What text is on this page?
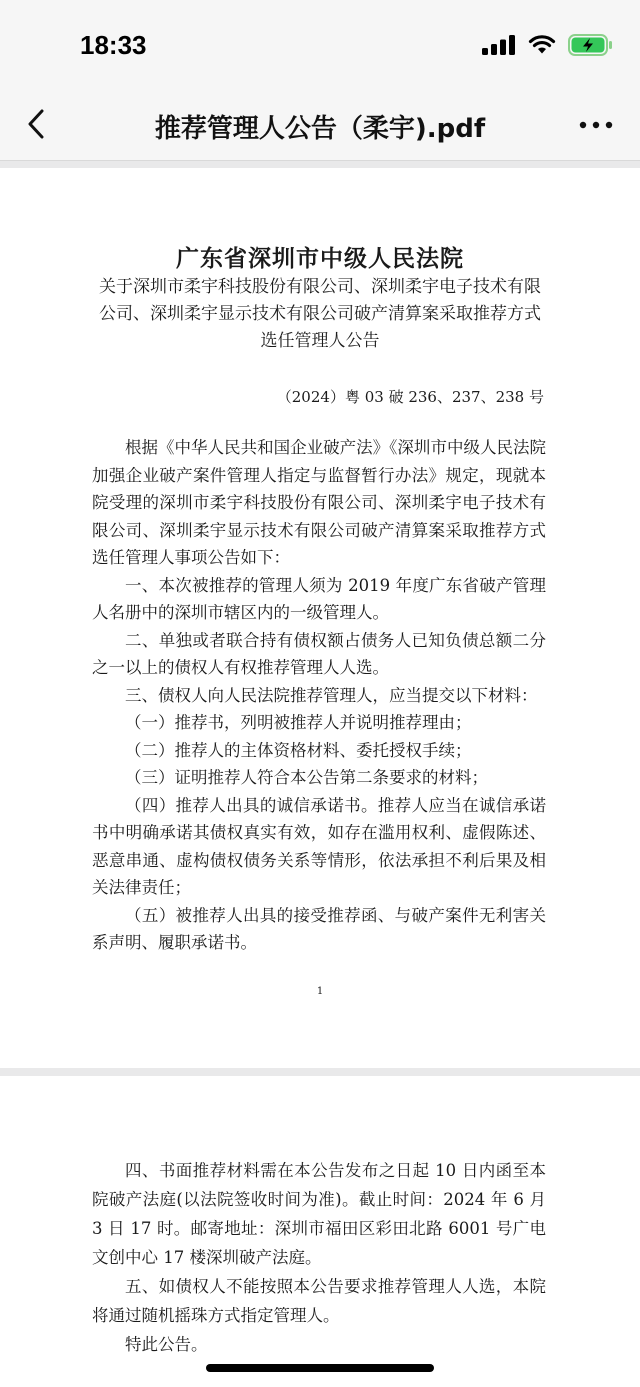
18:33
推荐管理人公告（柔宇).pdf
广东省深圳市中级人民法院
关于深圳市柔宇科技股份有限公司、深圳柔宇电子技术有限公司、深圳柔宇显示技术有限公司破产清算案采取推荐方式选任管理人公告
（2024）粤 03 破 236、237、238 号

根据《中华人民共和国企业破产法》《深圳市中级人民法院加强企业破产案件管理人指定与监督暂行办法》规定，现就本院受理的深圳市柔宇科技股份有限公司、深圳柔宇电子技术有限公司、深圳柔宇显示技术有限公司破产清算案采取推荐方式选任管理人事项公告如下：

一、本次被推荐的管理人须为 2019 年度广东省破产管理人名册中的深圳市辖区内的一级管理人。

二、单独或者联合持有债权额占债务人已知负债总额二分之一以上的债权人有权推荐管理人人选。

三、债权人向人民法院推荐管理人，应当提交以下材料：

（一）推荐书，列明被推荐人并说明推荐理由；

（二）推荐人的主体资格材料、委托授权手续；

（三）证明推荐人符合本公告第二条要求的材料；

（四）推荐人出具的诚信承诺书。推荐人应当在诚信承诺书中明确承诺其债权真实有效，如存在滥用权利、虚假陈述、恶意串通、虚构债权债务关系等情形，依法承担不利后果及相关法律责任；

（五）被推荐人出具的接受推荐函、与破产案件无利害关系声明、履职承诺书。

1

四、书面推荐材料需在本公告发布之日起 10 日内函至本院破产法庭(以法院签收时间为准)。截止时间：2024 年 6 月 3 日 17 时。邮寄地址：深圳市福田区彩田北路 6001 号广电文创中心 17 楼深圳破产法庭。

五、如债权人不能按照本公告要求推荐管理人人选，本院将通过随机摇珠方式指定管理人。

特此公告。
